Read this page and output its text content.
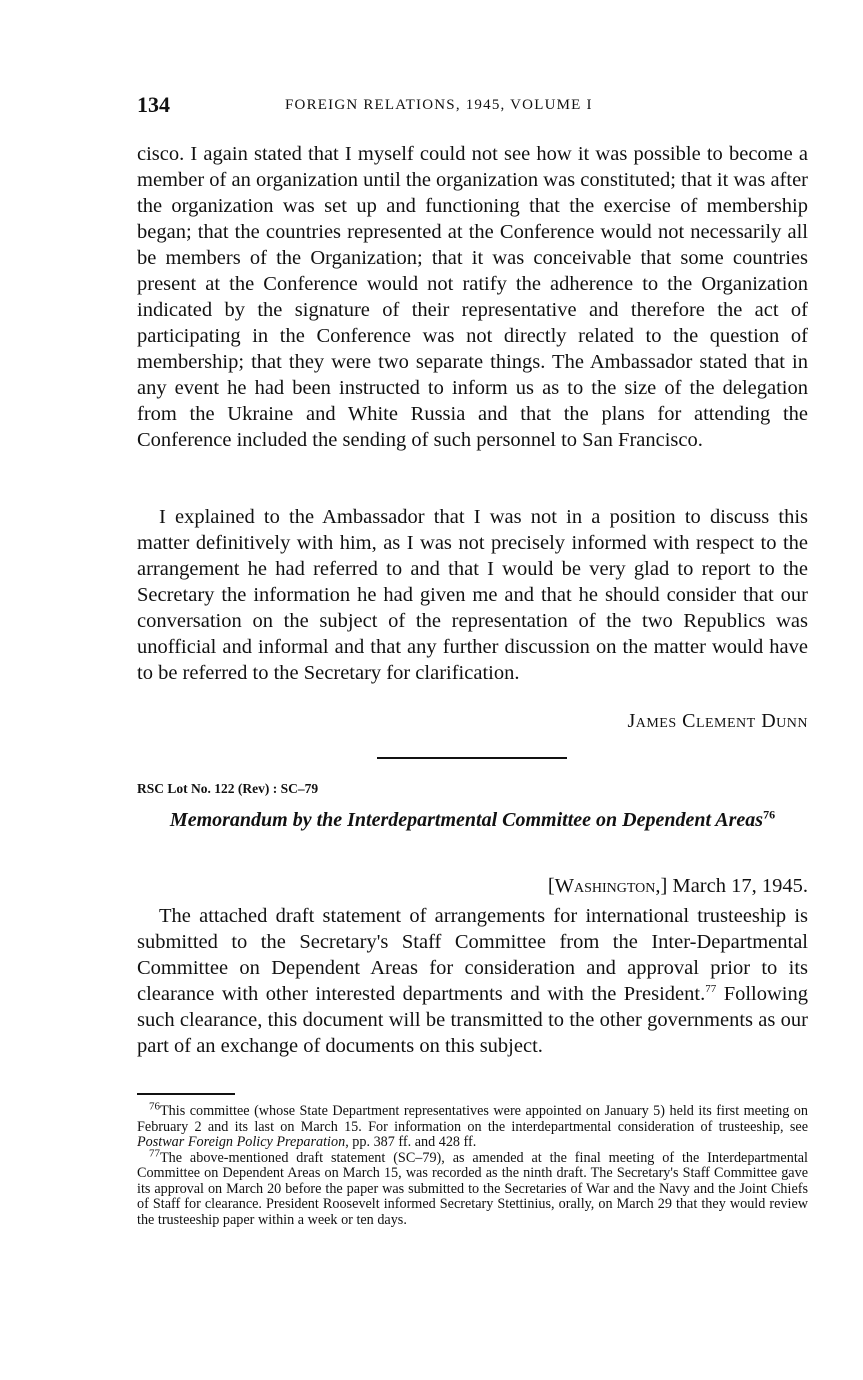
134	FOREIGN RELATIONS, 1945, VOLUME I

cisco. I again stated that I myself could not see how it was possible to become a member of an organization until the organization was constituted; that it was after the organization was set up and functioning that the exercise of membership began; that the countries represented at the Conference would not necessarily all be members of the Organization; that it was conceivable that some countries present at the Conference would not ratify the adherence to the Organization indicated by the signature of their representative and therefore the act of participating in the Conference was not directly related to the question of membership; that they were two separate things. The Ambassador stated that in any event he had been instructed to inform us as to the size of the delegation from the Ukraine and White Russia and that the plans for attending the Conference included the sending of such personnel to San Francisco.

I explained to the Ambassador that I was not in a position to discuss this matter definitively with him, as I was not precisely informed with respect to the arrangement he had referred to and that I would be very glad to report to the Secretary the information he had given me and that he should consider that our conversation on the subject of the representation of the two Republics was unofficial and informal and that any further discussion on the matter would have to be referred to the Secretary for clarification.

James Clement Dunn
RSC Lot No. 122 (Rev) : SC–79
Memorandum by the Interdepartmental Committee on Dependent Areas$^{76}$
[Washington,] March 17, 1945.

The attached draft statement of arrangements for international trusteeship is submitted to the Secretary's Staff Committee from the Inter-Departmental Committee on Dependent Areas for consideration and approval prior to its clearance with other interested departments and with the President.$^{77}$ Following such clearance, this document will be transmitted to the other governments as our part of an exchange of documents on this subject.

$^{76}$This committee (whose State Department representatives were appointed on January 5) held its first meeting on February 2 and its last on March 15. For information on the interdepartmental consideration of trusteeship, see Postwar Foreign Policy Preparation, pp. 387 ff. and 428 ff.

$^{77}$The above-mentioned draft statement (SC–79), as amended at the final meeting of the Interdepartmental Committee on Dependent Areas on March 15, was recorded as the ninth draft. The Secretary's Staff Committee gave its approval on March 20 before the paper was submitted to the Secretaries of War and the Navy and the Joint Chiefs of Staff for clearance. President Roosevelt informed Secretary Stettinius, orally, on March 29 that they would review the trusteeship paper within a week or ten days.
